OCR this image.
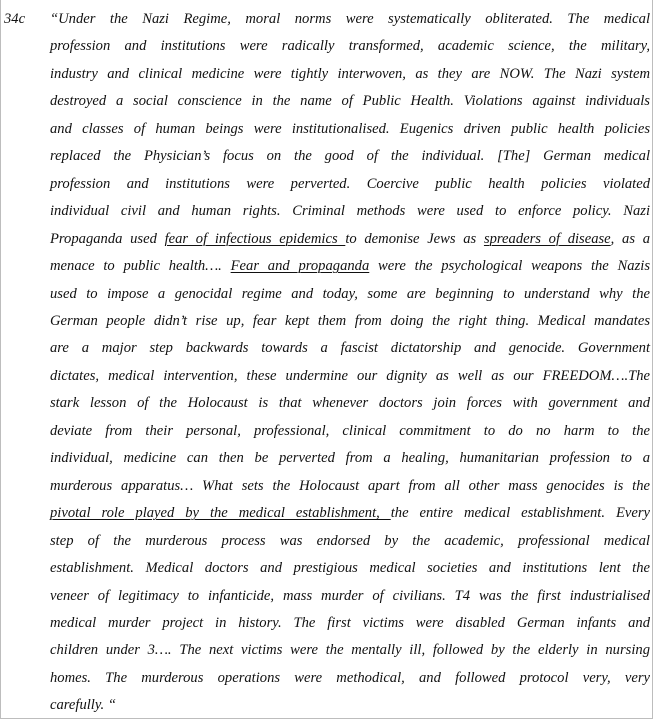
34c “Under the Nazi Regime, moral norms were systematically obliterated. The medical
profession and institutions were radically transformed, academic science, the military,
industry and clinical medicine were tightly interwoven, as they are NOW. The Nazi system
destroyed a social conscience in the name of Public Health. Violations against individuals
and classes of human beings were institutionalised. Eugenics driven public health policies
replaced the Physician’s focus on the good of the individual. [The] German medical
profession and institutions were perverted. Coercive public health policies violated
individual civil and human rights. Criminal methods were used to enforce policy. Nazi
Propaganda used fear of infectious epidemics to demonise Jews as spreaders of disease, as a
menace to public health…. Fear and propaganda were the psychological weapons the Nazis
used to impose a genocidal regime and today, some are beginning to understand why the
German people didn’t rise up, fear kept them from doing the right thing. Medical mandates
are a major step backwards towards a fascist dictatorship and genocide. Government
dictates, medical intervention, these undermine our dignity as well as our FREEDOM….The
stark lesson of the Holocaust is that whenever doctors join forces with government and
deviate from their personal, professional, clinical commitment to do no harm to the
individual, medicine can then be perverted from a healing, humanitarian profession to a
murderous apparatus… What sets the Holocaust apart from all other mass genocides is the
pivotal role played by the medical establishment, the entire medical establishment. Every
step of the murderous process was endorsed by the academic, professional medical
establishment. Medical doctors and prestigious medical societies and institutions lent the
veneer of legitimacy to infanticide, mass murder of civilians. T4 was the first industrialised
medical murder project in history. The first victims were disabled German infants and
children under 3…. The next victims were the mentally ill, followed by the elderly in nursing
homes. The murderous operations were methodical, and followed protocol very, very
carefully. “
